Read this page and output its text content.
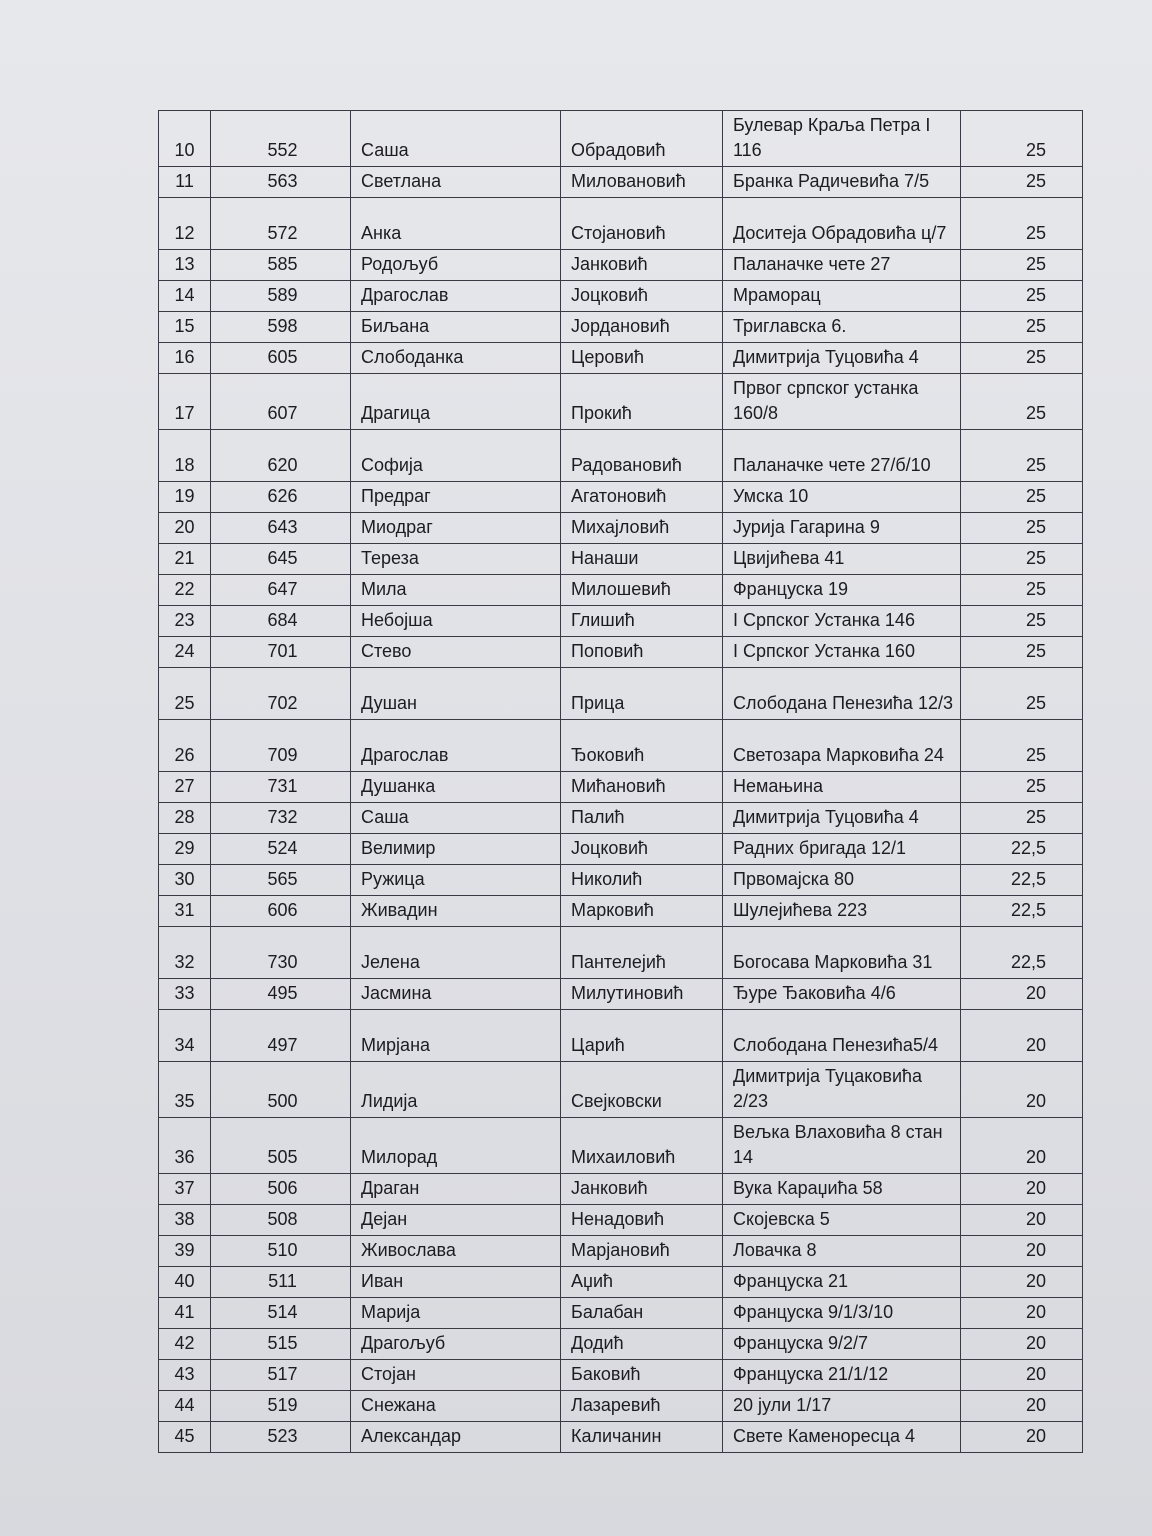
10	552	Саша	Обрадовић	Булевар Краља Петра I 116	25
11	563	Светлана	Миловановић	Бранка Радичевића 7/5	25
12	572	Анка	Стојановић	Доситеја Обрадовића ц/7	25
13	585	Родољуб	Јанковић	Паланачке чете 27	25
14	589	Драгослав	Јоцковић	Мраморац	25
15	598	Биљана	Јордановић	Триглавска 6.	25
16	605	Слободанка	Церовић	Димитрија Туцовића 4	25
17	607	Драгица	Прокић	Првог српског устанка 160/8	25
18	620	Софија	Радовановић	Паланачке чете 27/б/10	25
19	626	Предраг	Агатоновић	Умска 10	25
20	643	Миодраг	Михајловић	Јурија Гагарина 9	25
21	645	Тереза	Нанаши	Цвијићева 41	25
22	647	Мила	Милошевић	Француска 19	25
23	684	Небојша	Глишић	I Српског Устанка 146	25
24	701	Стево	Поповић	I Српског Устанка 160	25
25	702	Душан	Прица	Слободана Пенезића 12/3	25
26	709	Драгослав	Ђоковић	Светозара Марковића 24	25
27	731	Душанка	Мићановић	Немањина	25
28	732	Саша	Палић	Димитрија Туцовића 4	25
29	524	Велимир	Јоцковић	Радних бригада 12/1	22,5
30	565	Ружица	Николић	Првомајска 80	22,5
31	606	Живадин	Марковић	Шулејићева 223	22,5
32	730	Јелена	Пантелејић	Богосава Марковића 31	22,5
33	495	Јасмина	Милутиновић	Ђуре Ђаковића 4/6	20
34	497	Мирјана	Царић	Слободана Пенезића5/4	20
35	500	Лидија	Свејковски	Димитрија Туцаковића 2/23	20
36	505	Милорад	Михаиловић	Вељка Влаховића 8 стан 14	20
37	506	Драган	Јанковић	Вука Караџића 58	20
38	508	Дејан	Ненадовић	Скојевска 5	20
39	510	Живослава	Марјановић	Ловачка 8	20
40	511	Иван	Аџић	Француска 21	20
41	514	Марија	Балабан	Француска 9/1/3/10	20
42	515	Драгољуб	Додић	Француска 9/2/7	20
43	517	Стојан	Баковић	Француска 21/1/12	20
44	519	Снежана	Лазаревић	20 јули 1/17	20
45	523	Александар	Каличанин	Свете Каменоресца 4	20
